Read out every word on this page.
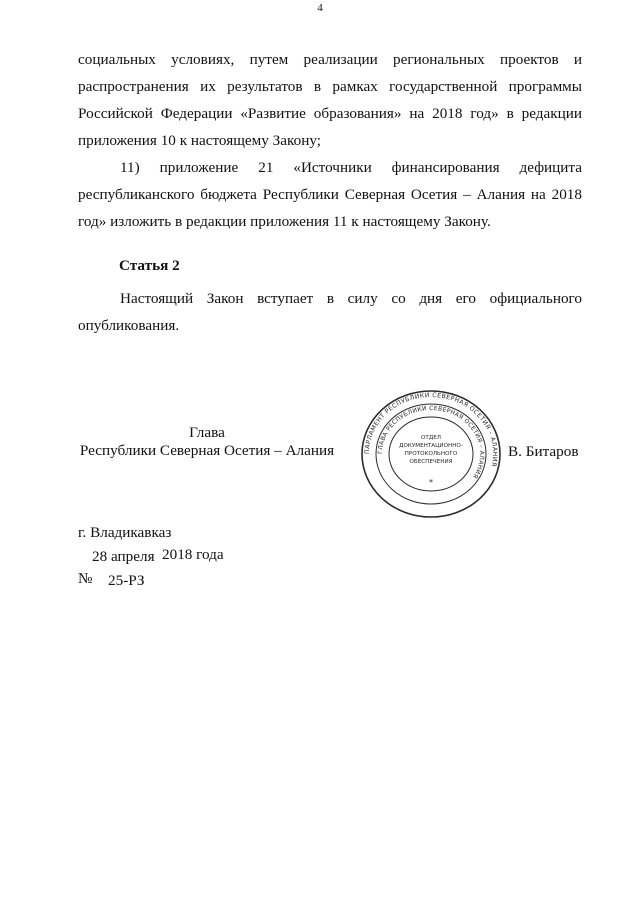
4
социальных условиях, путем реализации региональных проектов и
распространения их результатов в рамках государственной программы
Российской Федерации «Развитие образования» на 2018 год» в редакции
приложения 10 к настоящему Закону;
11) приложение 21 «Источники финансирования дефицита
республиканского бюджета Республики Северная Осетия – Алания на 2018
год» изложить в редакции приложения 11 к настоящему Закону.
Статья 2
Настоящий Закон вступает в силу со дня его официального
опубликования.
Глава
Республики Северная Осетия – Алания	ПАРЛАМЕНТ РЕСПУБЛИКИ СЕВЕРНАЯ ОСЕТИЯ – АЛАНИЯ
ГЛАВА РЕСПУБЛИКИ СЕВЕРНАЯ ОСЕТИЯ – АЛАНИЯ
ОТДЕЛ
ДОКУМЕНТАЦИОННО-
ПРОТОКОЛЬНОГО
ОБЕСПЕЧЕНИЯ
*
В. Битаров
г. Владикавказ
28 апреля 2018 года
№ 25-РЗ
